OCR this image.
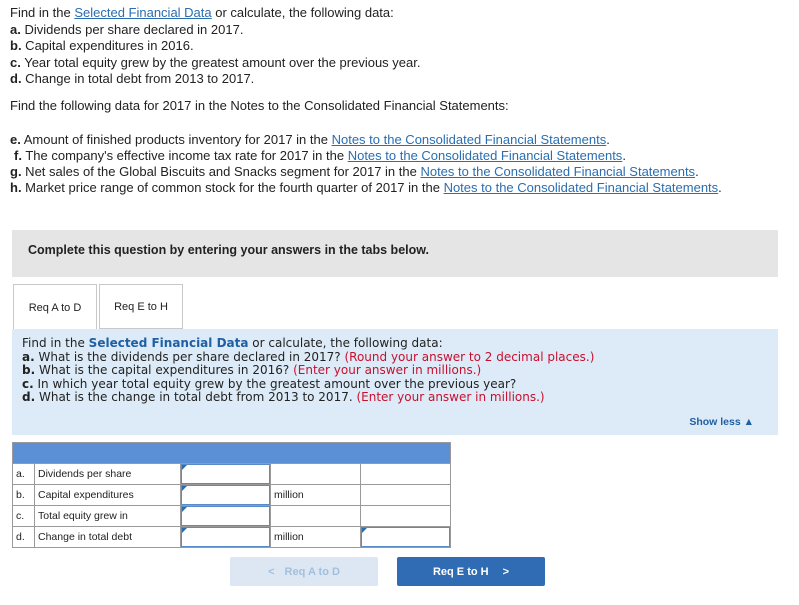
Find in the Selected Financial Data or calculate, the following data:
a. Dividends per share declared in 2017.
b. Capital expenditures in 2016.
c. Year total equity grew by the greatest amount over the previous year.
d. Change in total debt from 2013 to 2017.
Find the following data for 2017 in the Notes to the Consolidated Financial Statements:
e. Amount of finished products inventory for 2017 in the Notes to the Consolidated Financial Statements.
f. The company's effective income tax rate for 2017 in the Notes to the Consolidated Financial Statements.
g. Net sales of the Global Biscuits and Snacks segment for 2017 in the Notes to the Consolidated Financial Statements.
h. Market price range of common stock for the fourth quarter of 2017 in the Notes to the Consolidated Financial Statements.
Complete this question by entering your answers in the tabs below.
Req A to D	Req E to H
Find in the Selected Financial Data or calculate, the following data:
a. What is the dividends per share declared in 2017? (Round your answer to 2 decimal places.)
b. What is the capital expenditures in 2016? (Enter your answer in millions.)
c. In which year total equity grew by the greatest amount over the previous year?
d. What is the change in total debt from 2013 to 2017. (Enter your answer in millions.)
Show less ▲

a.	Dividends per share	

b.	Capital expenditures		million	
c.	Total equity grew in	

d.	Change in total debt		million	
< Req A to D	Req E to H >
